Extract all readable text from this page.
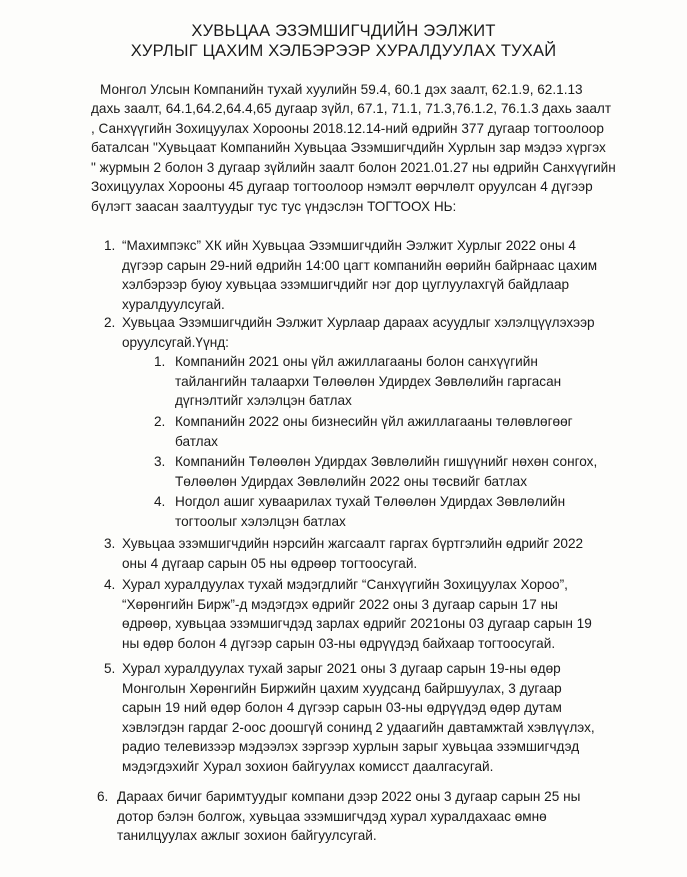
ХУВЬЦАА ЭЗЭМШИГЧДИЙН ЭЭЛЖИТ
ХУРЛЫГ ЦАХИМ ХЭЛБЭРЭЭР ХУРАЛДУУЛАХ ТУХАЙ
Монгол Улсын Компанийн тухай хуулийн 59.4, 60.1 дэх заалт, 62.1.9, 62.1.13
дахь заалт, 64.1,64.2,64.4,65 дугаар зүйл, 67.1, 71.1, 71.3,76.1.2, 76.1.3 дахь заалт
, Санхүүгийн Зохицуулах Хорооны 2018.12.14-ний өдрийн 377 дугаар тогтоолоор
баталсан "Хувьцаат Компанийн Хувьцаа Эзэмшигчдийн Хурлын зар мэдээ хүргэх
" журмын 2 болон 3 дугаар зүйлийн заалт болон 2021.01.27 ны өдрийн Санхүүгийн
Зохицуулах Хорооны 45 дугаар тогтоолоор нэмэлт өөрчлөлт оруулсан 4 дүгээр
бүлэгт заасан заалтуудыг тус тус үндэслэн ТОГТООХ НЬ:
1. “Махимпэкс” ХК ийн Хувьцаа Эзэмшигчдийн Ээлжит Хурлыг 2022 оны 4
дүгээр сарын 29-ний өдрийн 14:00 цагт компанийн өөрийн байрнаас цахим
хэлбэрээр буюу хувьцаа эзэмшигчдийг нэг дор цуглуулахгүй байдлаар
хуралдуулсугай.
2. Хувьцаа Эзэмшигчдийн Ээлжит Хурлаар дараах асуудлыг хэлэлцүүлэхээр
оруулсугай.Үүнд:
1. Компанийн 2021 оны үйл ажиллагааны болон санхүүгийн
тайлангийн талаархи Төлөөлөн Удирдех Зөвлөлийн гаргасан
дүгнэлтийг хэлэлцэн батлах
2. Компанийн 2022 оны бизнесийн үйл ажиллагааны төлөвлөгөөг
батлах
3. Компанийн Төлөөлөн Удирдах Зөвлөлийн гишүүнийг нөхөн сонгох,
Төлөөлөн Удирдах Зөвлөлийн 2022 оны төсвийг батлах
4. Ногдол ашиг хуваарилах тухай Төлөөлөн Удирдах Зөвлөлийн
тогтоолыг хэлэлцэн батлах
3. Хувьцаа эзэмшигчдийн нэрсийн жагсаалт гаргах бүртгэлийн өдрийг 2022
оны 4 дүгаар сарын 05 ны өдрөөр тогтоосугай.
4. Хурал хуралдуулах тухай мэдэгдлийг “Санхүүгийн Зохицуулах Хороо”,
“Хөрөнгийн Бирж”-д мэдэгдэх өдрийг 2022 оны 3 дугаар сарын 17 ны
өдрөөр, хувьцаа эзэмшигчдэд зарлах өдрийг 2021оны 03 дугаар сарын 19
ны өдөр болон 4 дүгээр сарын 03-ны өдрүүдэд байхаар тогтоосугай.
5. Хурал хуралдуулах тухай зарыг 2021 оны 3 дугаар сарын 19-ны өдөр
Монголын Хөрөнгийн Биржийн цахим хуудсанд байршуулах, 3 дугаар
сарын 19 ний өдөр болон 4 дүгээр сарын 03-ны өдрүүдэд өдөр дутам
хэвлэгдэн гардаг 2-оос доошгүй сонинд 2 удаагийн давтамжтай хэвлүүлэх,
радио телевизээр мэдээлэх зэргээр хурлын зарыг хувьцаа эзэмшигчдэд
мэдэгдэхийг Хурал зохион байгуулах комисст даалгасугай.
6. Дараах бичиг баримтуудыг компани дээр 2022 оны 3 дугаар сарын 25 ны
дотор бэлэн болгож, хувьцаа эзэмшигчдэд хурал хуралдахаас өмнө
танилцуулах ажлыг зохион байгуулсугай.
